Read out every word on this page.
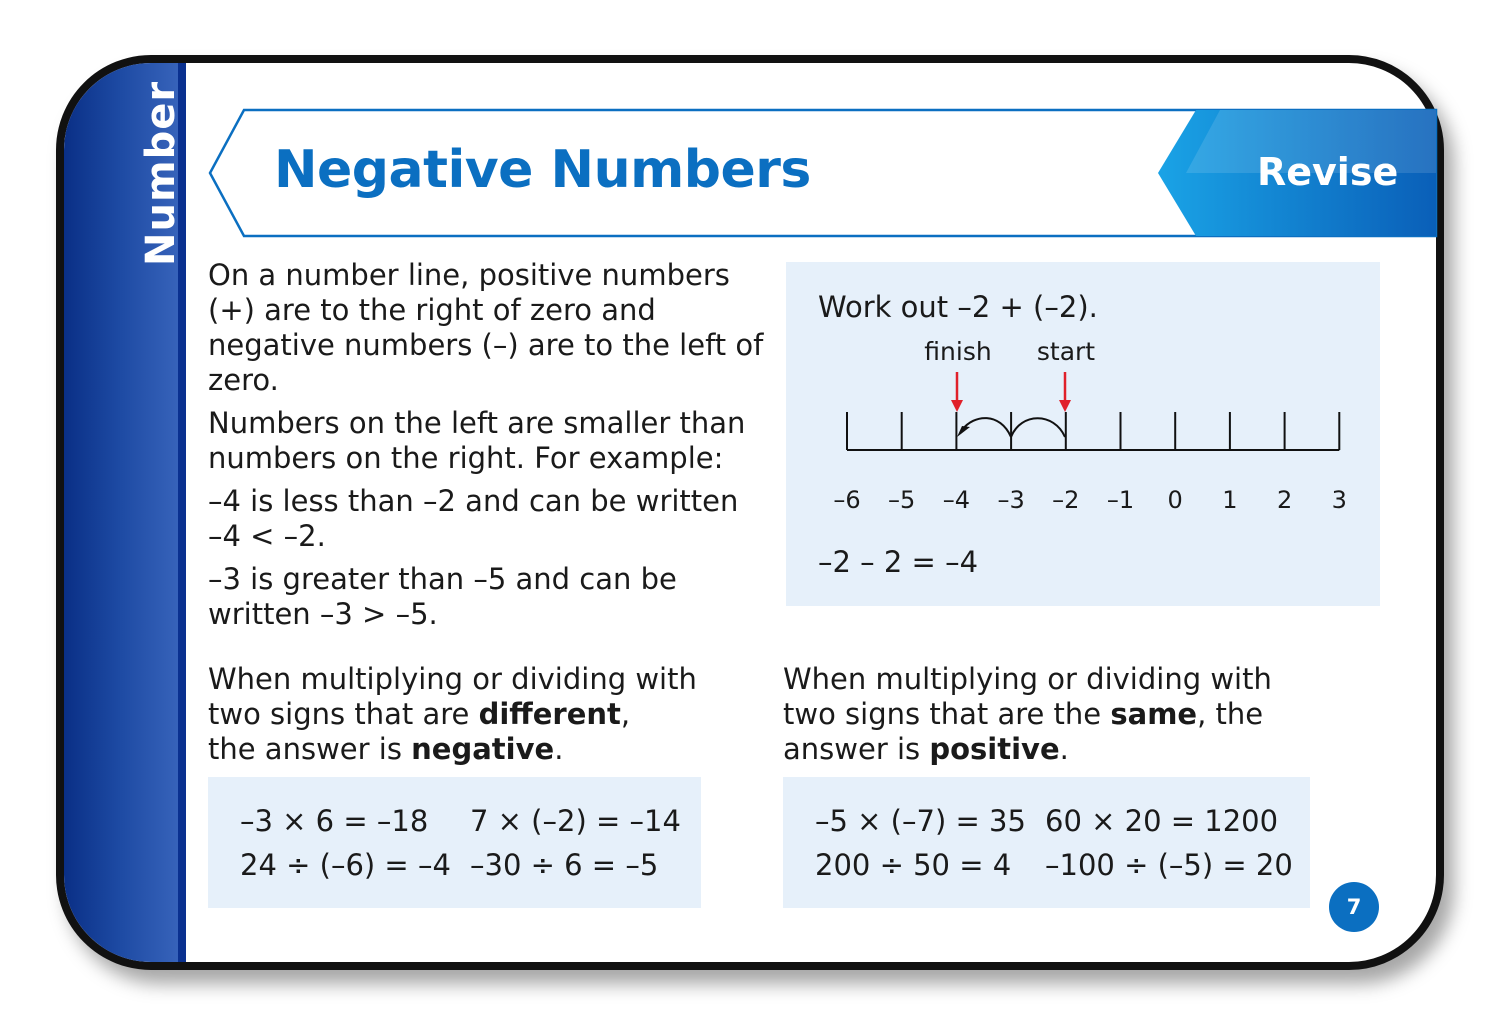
Number Negative Numbers	Revise

On a number line, positive numbers (+) are to the right of zero and negative numbers (–) are to the left of zero.

Numbers on the left are smaller than numbers on the right. For example:

–4 is less than –2 and can be written
–4 < –2.

–3 is greater than –5 and can be
written –3 > –5.

Work out –2 + (–2).
–2 – 2 = –4
–6 –5 –4 –3 –2 –1 0 1 2 3
finish start
When multiplying or dividing with
two signs that are different,
the answer is negative.
–3 × 6 = –18 7 × (–2) = –14
24 ÷ (–6) = –4 –30 ÷ 6 = –5
When multiplying or dividing with
two signs that are the same, the
answer is positive.
–5 × (–7) = 35 60 × 20 = 1200
200 ÷ 50 = 4 –100 ÷ (–5) = 20
7
